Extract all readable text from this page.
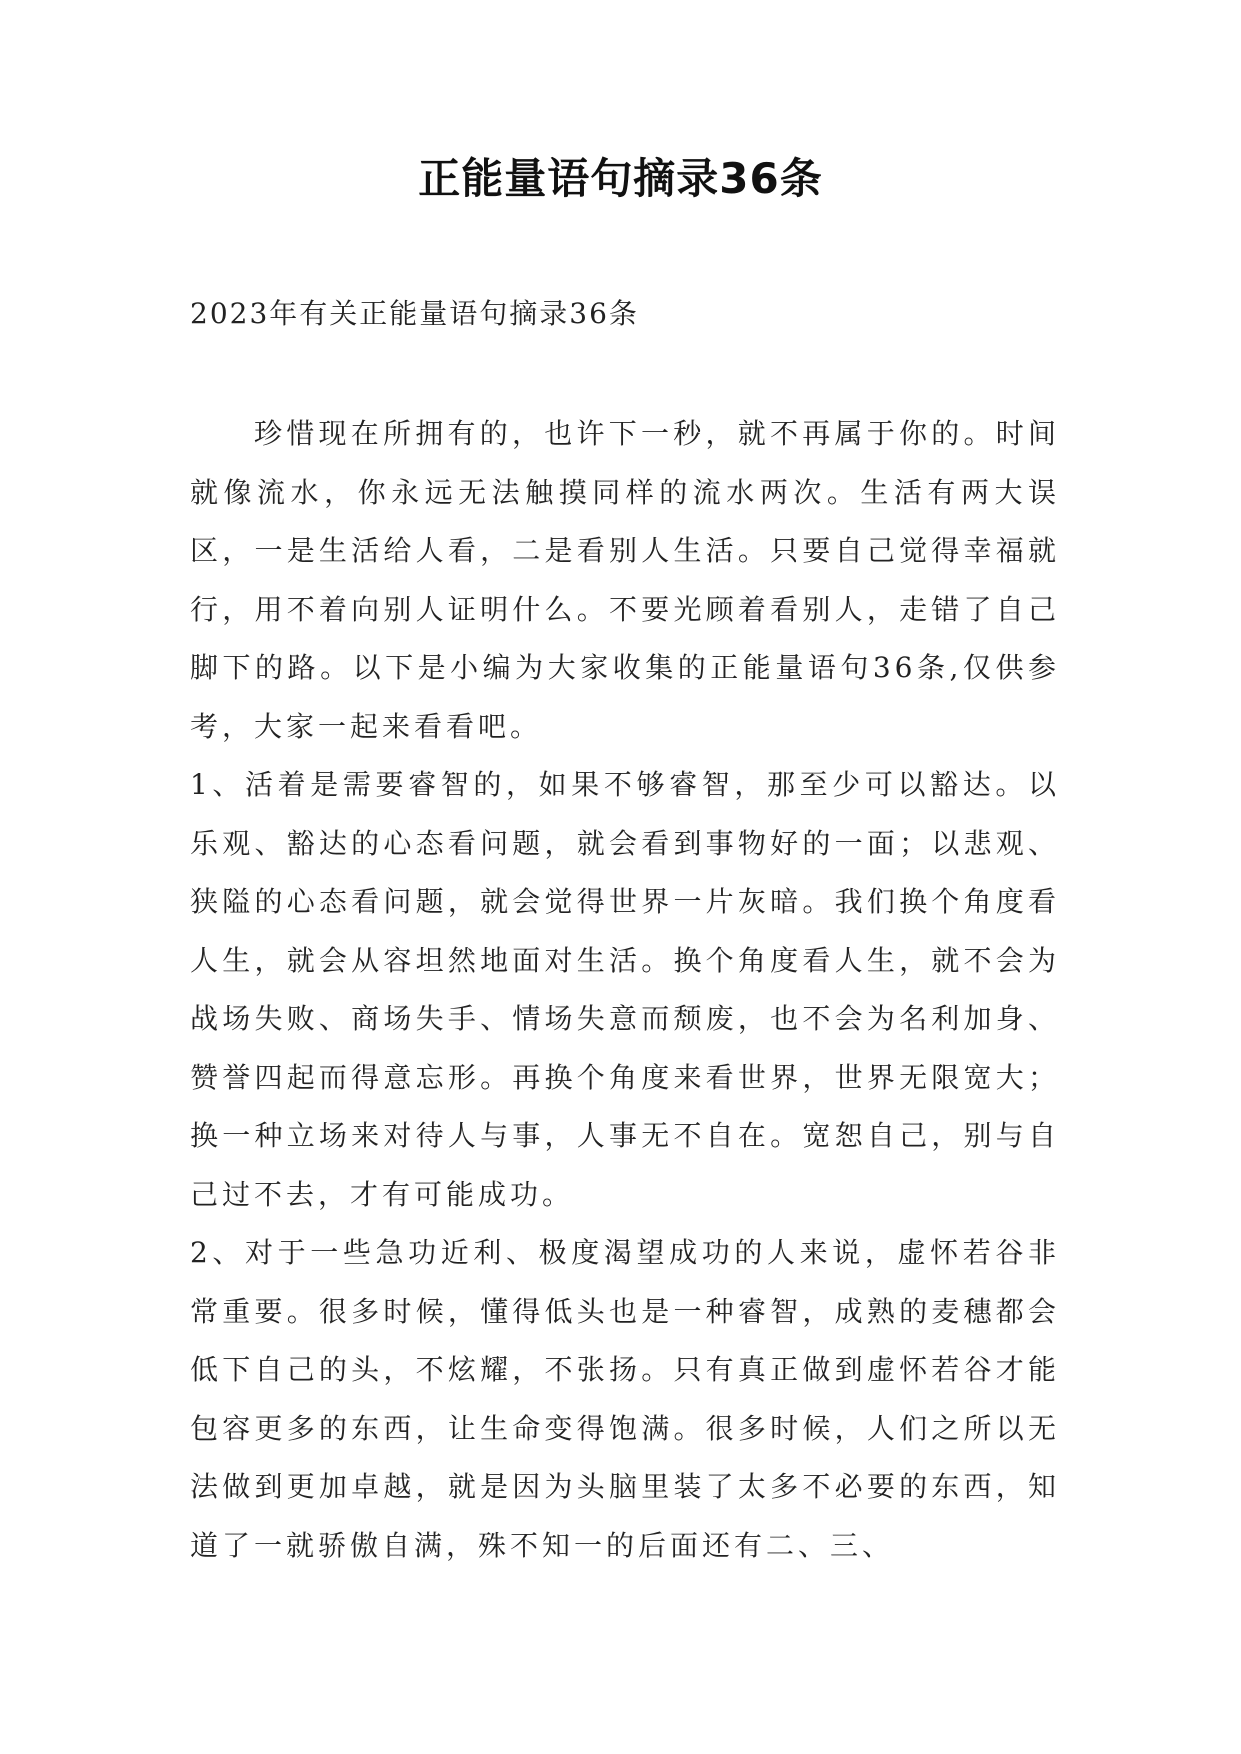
正能量语句摘录36条
2023年有关正能量语句摘录36条

珍惜现在所拥有的，也许下一秒，就不再属于你的。时间就像流水，你永远无法触摸同样的流水两次。生活有两大误区，一是生活给人看，二是看别人生活。只要自己觉得幸福就行，用不着向别人证明什么。不要光顾着看别人，走错了自己脚下的路。以下是小编为大家收集的正能量语句36条,仅供参考，大家一起来看看吧。

1、活着是需要睿智的，如果不够睿智，那至少可以豁达。以乐观、豁达的心态看问题，就会看到事物好的一面；以悲观、狭隘的心态看问题，就会觉得世界一片灰暗。我们换个角度看人生，就会从容坦然地面对生活。换个角度看人生，就不会为战场失败、商场失手、情场失意而颓废，也不会为名利加身、赞誉四起而得意忘形。再换个角度来看世界，世界无限宽大；换一种立场来对待人与事，人事无不自在。宽恕自己，别与自己过不去，才有可能成功。

2、对于一些急功近利、极度渴望成功的人来说，虚怀若谷非常重要。很多时候，懂得低头也是一种睿智，成熟的麦穗都会低下自己的头，不炫耀，不张扬。只有真正做到虚怀若谷才能包容更多的东西，让生命变得饱满。很多时候，人们之所以无法做到更加卓越，就是因为头脑里装了太多不必要的东西，知道了一就骄傲自满，殊不知一的后面还有二、三、
